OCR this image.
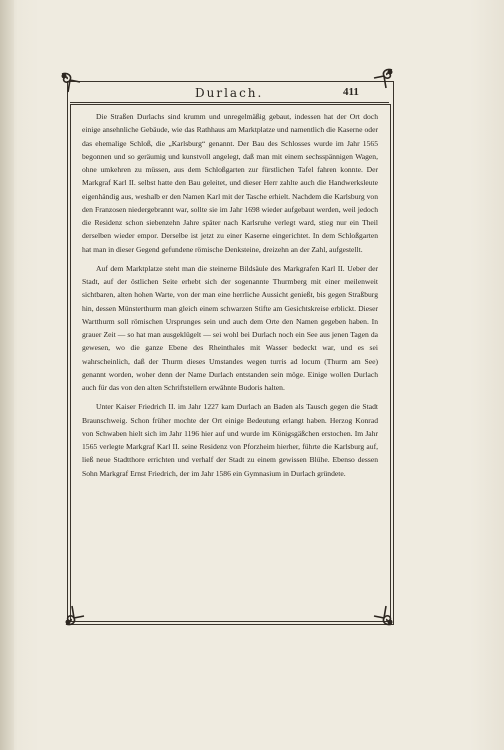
Durlach.	411

Die Straßen Durlachs sind krumm und unregelmäßig gebaut, indessen hat der Ort doch einige ansehnliche Gebäude, wie das Rathhaus am Marktplatze und namentlich die Kaserne oder das ehemalige Schloß, die „Karlsburg“ genannt. Der Bau des Schlosses wurde im Jahr 1565 begonnen und so geräumig und kunstvoll angelegt, daß man mit einem sechsspännigen Wagen, ohne umkehren zu müssen, aus dem Schloßgarten zur fürstlichen Tafel fahren konnte. Der Markgraf Karl II. selbst hatte den Bau geleitet, und dieser Herr zahlte auch die Handwerksleute eigenhändig aus, weshalb er den Namen Karl mit der Tasche erhielt. Nachdem die Karlsburg von den Franzosen niedergebrannt war, sollte sie im Jahr 1698 wieder aufgebaut werden, weil jedoch die Residenz schon siebenzehn Jahre später nach Karlsruhe verlegt ward, stieg nur ein Theil derselben wieder empor. Derselbe ist jetzt zu einer Kaserne eingerichtet. In dem Schloßgarten hat man in dieser Gegend gefundene römische Denksteine, dreizehn an der Zahl, aufgestellt.

Auf dem Marktplatze steht man die steinerne Bildsäule des Markgrafen Karl II. Ueber der Stadt, auf der östlichen Seite erhebt sich der sogenannte Thurmberg mit einer meilenweit sichtbaren, alten hohen Warte, von der man eine herrliche Aussicht genießt, bis gegen Straßburg hin, dessen Münsterthurm man gleich einem schwarzen Stifte am Gesichtskreise erblickt. Dieser Wartthurm soll römischen Ursprunges sein und auch dem Orte den Namen gegeben haben. In grauer Zeit — so hat man ausgeklügelt — sei wohl bei Durlach noch ein See aus jenen Tagen da gewesen, wo die ganze Ebene des Rheinthales mit Wasser bedeckt war, und es sei wahrscheinlich, daß der Thurm dieses Umstandes wegen turris ad locum (Thurm am See) genannt worden, woher denn der Name Durlach entstanden sein möge. Einige wollen Durlach auch für das von den alten Schriftstellern erwähnte Budoris halten.

Unter Kaiser Friedrich II. im Jahr 1227 kam Durlach an Baden als Tausch gegen die Stadt Braunschweig. Schon früher mochte der Ort einige Bedeutung erlangt haben. Herzog Konrad von Schwaben hielt sich im Jahr 1196 hier auf und wurde im Königsgäßchen erstochen. Im Jahr 1565 verlegte Markgraf Karl II. seine Residenz von Pforzheim hierher, führte die Karlsburg auf, ließ neue Stadtthore errichten und verhalf der Stadt zu einem gewissen Blühe. Ebenso dessen Sohn Markgraf Ernst Friedrich, der im Jahr 1586 ein Gymnasium in Durlach gründete.
